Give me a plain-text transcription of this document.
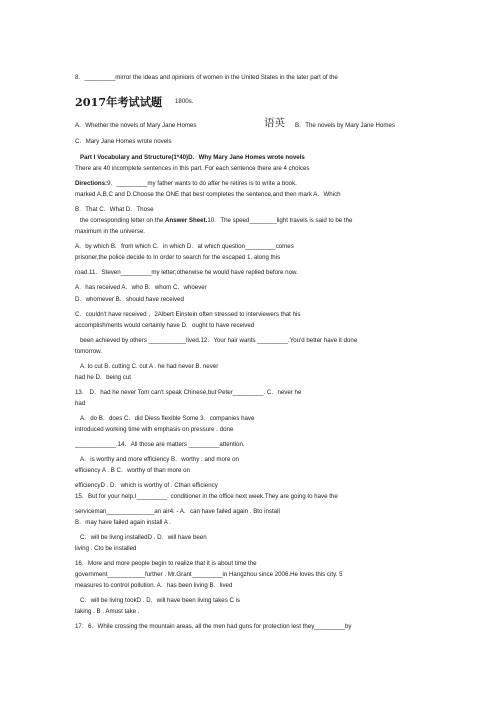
8．_________mirror the ideas and opinions of women in the United States in the later part of the
2017年考试试题 1800s.
A．Whether the novels of Mary Jane Homes	语英 B．The novels by Mary Jane Homes
C．Mary Jane Homes wrote novels
Part I Vocabulary and Structure(1*40)D．Why Mary Jane Homes wrote novels
There are 40 incomplete sentences in this part. For each sentence there are 4 choices
Directions:9．_________my father wants to do after he retires is to write a book.
marked A,B,C and D.Choose the ONE that best completes the sentence,and then mark A．Which
B．That C．What D．Those
the corresponding letter on the Answer Sheet.10．The speed________light travels is said to be the
maximum in the universe.
A．by which B．from which C．in which D．at which question_________comes
prisoner,the police decide to In order to search for the escaped 1. along this
road.11．Steven_________my letter;otherwise he would have replied before now.
A．has received A．who B．whom C．whoever
D．whomever B．should have received
C．couldn't have received ，2Albert Einstein often stressed to interviewers that his
accomplishments would certainly have D．ought to have received
been achieved by others ___________lived.12．Your hair wants _________.You'd better have it done
tomorrow.
A. to cut B. cutting C. cut A . he had never B. never
had he D．being cut
13． D．had he never Tom can't speak Chinese,but Peter_________. C．never he
had
A．do B．does C．did Diess flexible Some 3．companies have
introduced working time with emphasis on pressure . done
____________.14．All those are matters _________attention.
A．is worthy and more efficiency B．worthy . and more on
efficiency A . B C．worthy of than more on
efficiencyD . D．which is worthy of . Cthan efficiency
15．But for your help,I_________. conditioner in the office next week.They are going to have the
serviceman______________an air4. - A．can have failed again . Bto install
B．may have failed again install A .
C．will be living installedD . D．will have been
living . Cto be installed
16．More and more people begin to realize that it is about time the
government___________further . Mr.Grant_________in Hangzhou since 2006.He loves this city. 5
measures to control pollution. A．has been living B．lived
C．will be living tookD . D．will have been living takes C is
taking . B . Amust take .
17．6．While crossing the mountain areas, all the men had guns for protection lest they_________by
